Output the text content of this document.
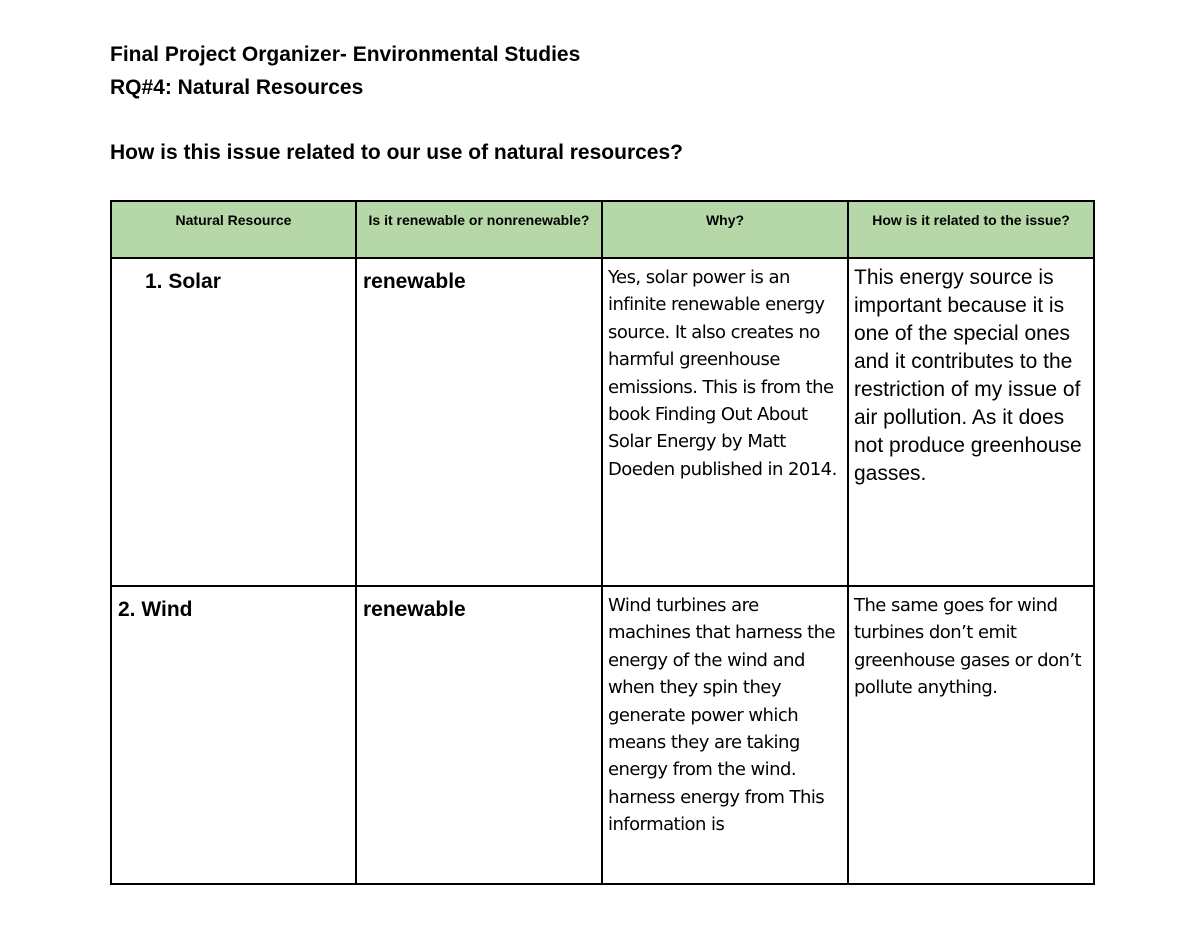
Final Project Organizer- Environmental Studies
RQ#4: Natural Resources
How is this issue related to our use of natural resources?
Natural Resource	Is it renewable or nonrenewable?	Why?	How is it related to the issue?
1. Solar	renewable	Yes, solar power is an infinite renewable energy source. It also creates no harmful greenhouse emissions. This is from the book Finding Out About Solar Energy by Matt Doeden published in 2014.	This energy source is important because it is one of the special ones and it contributes to the restriction of my issue of air pollution. As it does not produce greenhouse gasses.
2. Wind	renewable	Wind turbines are machines that harness the energy of the wind and when they spin they generate power which means they are taking energy from the wind. harness energy from This information is	The same goes for wind turbines don’t emit greenhouse gases or don’t pollute anything.
